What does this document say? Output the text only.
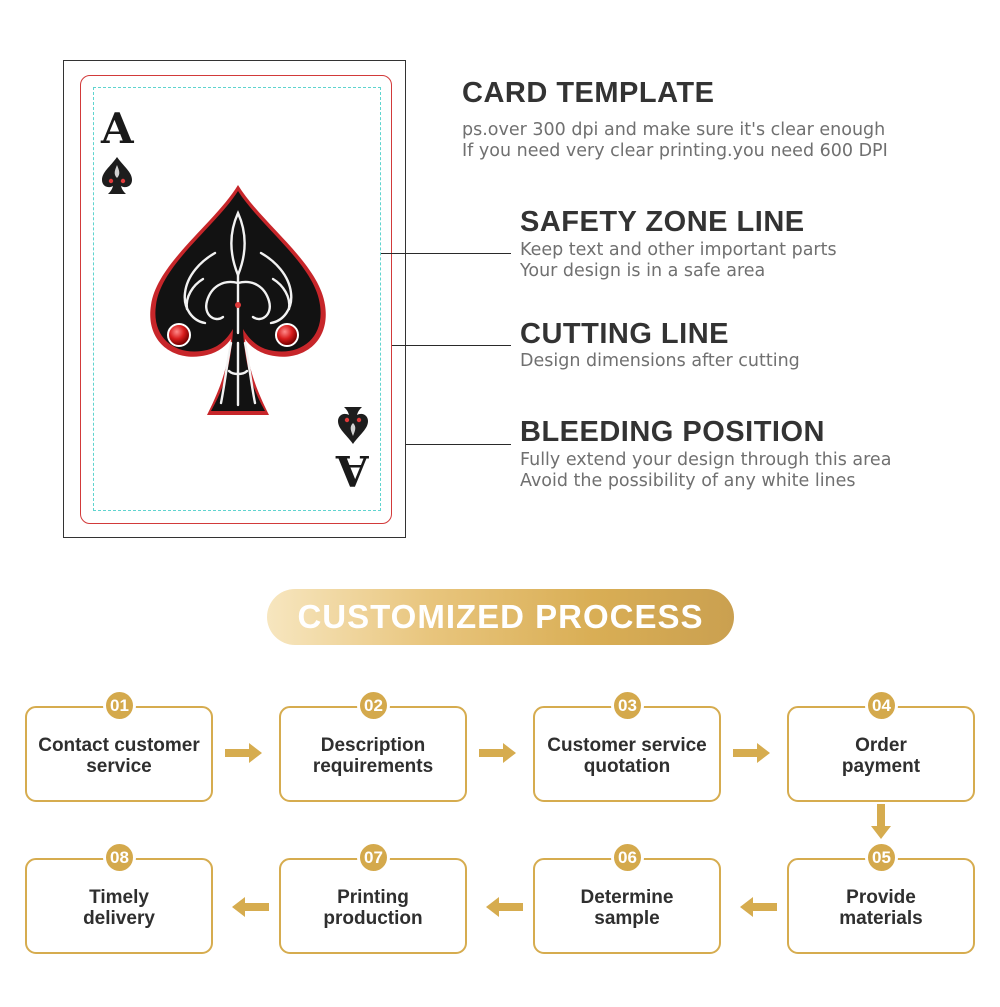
A
A
CARD TEMPLATE
ps.over 300 dpi and make sure it's clear enough
If you need very clear printing.you need 600 DPI
SAFETY ZONE LINE
Keep text and other important parts
Your design is in a safe area
CUTTING LINE
Design dimensions after cutting
BLEEDING POSITION
Fully extend your design through this area
Avoid the possibility of any white lines
CUSTOMIZED PROCESS
Contact customer
service
01
Description
requirements
02
Customer service
quotation
03
Order
payment
04
Provide
materials
05
Determine
sample
06
Printing
production
07
Timely
delivery
08
